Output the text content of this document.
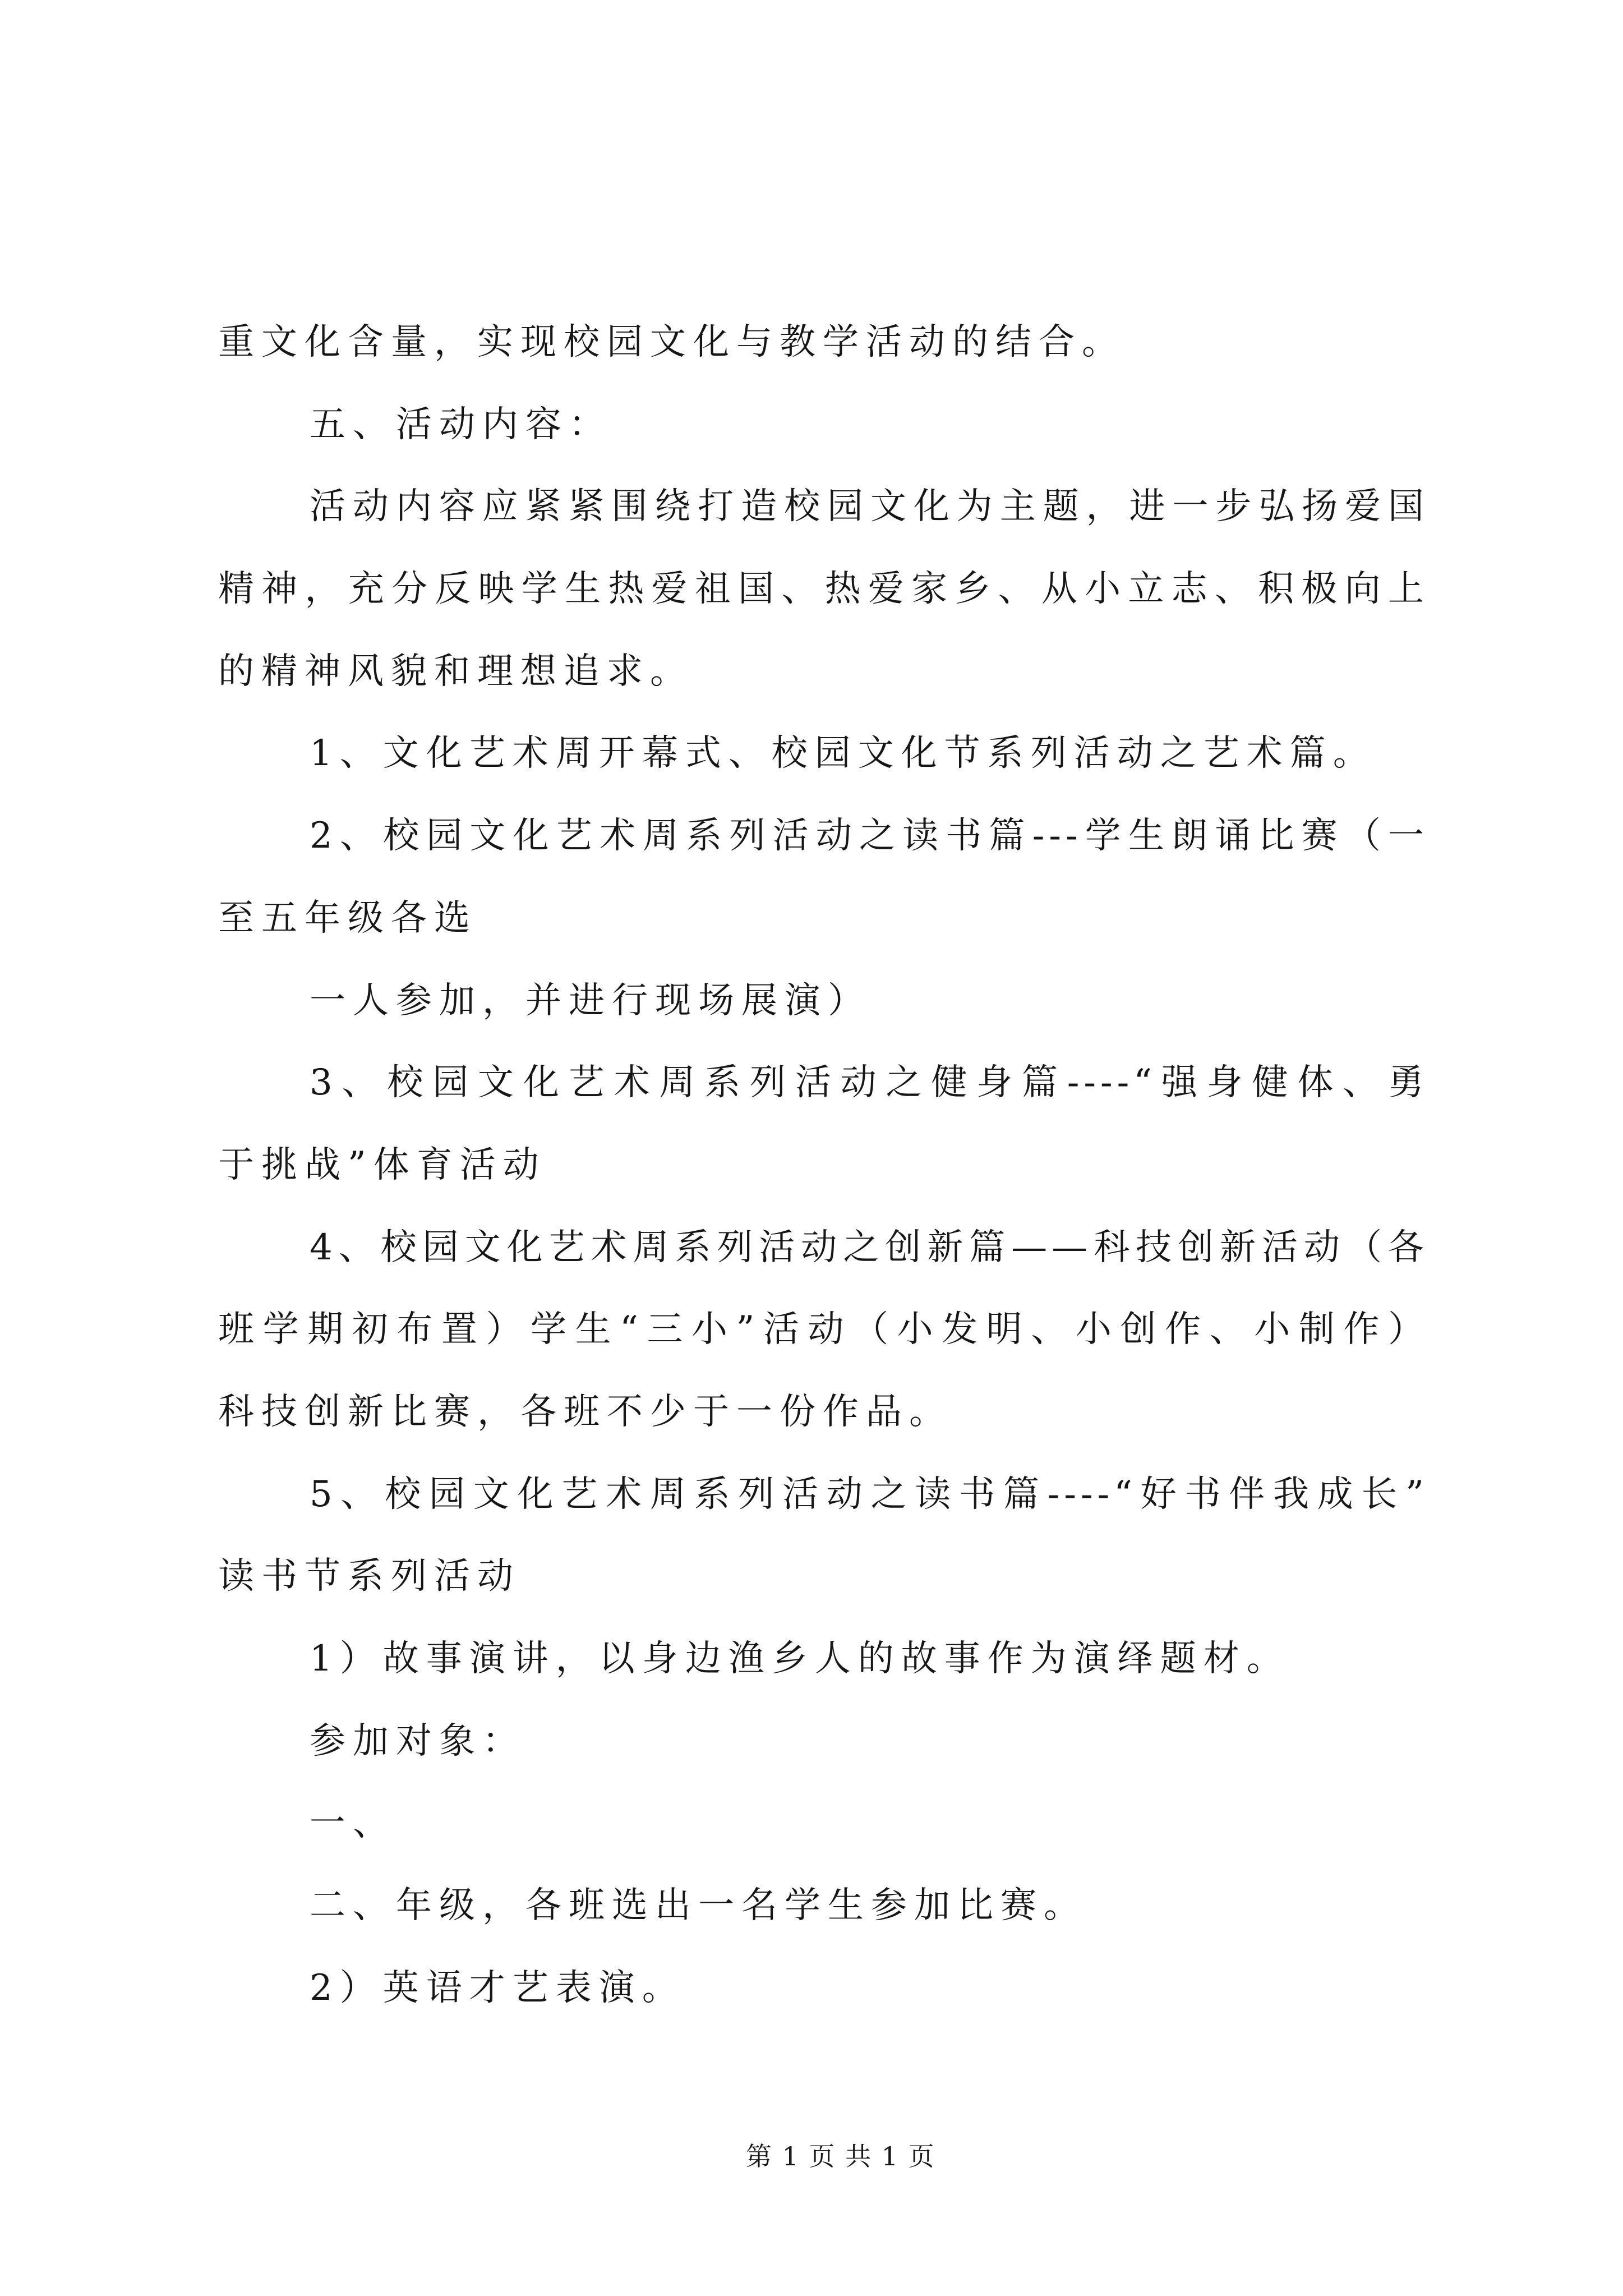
重文化含量，实现校园文化与教学活动的结合。
五、活动内容：
活动内容应紧紧围绕打造校园文化为主题，进一步弘扬爱国
精神，充分反映学生热爱祖国、热爱家乡、从小立志、积极向上
的精神风貌和理想追求。
1、文化艺术周开幕式、校园文化节系列活动之艺术篇。
2、校园文化艺术周系列活动之读书篇---学生朗诵比赛（一
至五年级各选
一人参加，并进行现场展演）
3、校园文化艺术周系列活动之健身篇----“强身健体、勇
于挑战”体育活动
4、校园文化艺术周系列活动之创新篇——科技创新活动（各
班学期初布置）学生“三小”活动（小发明、小创作、小制作）
科技创新比赛，各班不少于一份作品。
5、校园文化艺术周系列活动之读书篇----“好书伴我成长”
读书节系列活动
1）故事演讲，以身边渔乡人的故事作为演绎题材。
参加对象：
一、
二、年级，各班选出一名学生参加比赛。
2）英语才艺表演。
第 1 页 共 1 页
